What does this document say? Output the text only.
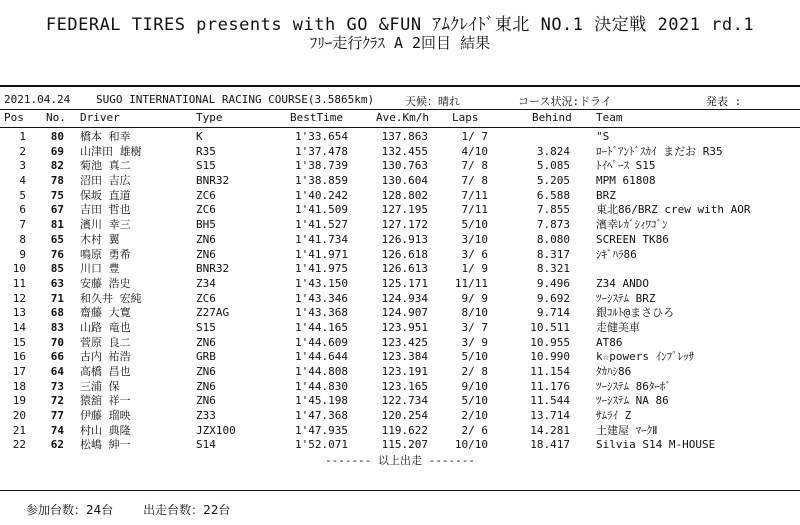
FEDERAL TIRES presents with GO &FUN ｱﾑｸﾚｲﾄﾞ東北 NO.1 決定戦 2021 rd.1
ﾌﾘｰ走行ｸﾗｽ A 2回目 結果
2021.04.24 SUGO INTERNATIONAL RACING COURSE(3.5865km)	天候：晴れ	コース状況:ドライ	発表 :
Pos No. Driver	Type	BestTime	Ave.Km/h Laps	Behind Team
1	80 橋本 和幸	K	1'33.654	137.863	1/ 7	"S
2	69 山津田 雄樹	R35	1'37.478	132.455	4/10	3.824 ﾛｰﾄﾞｱﾝﾄﾞｽｶｲ まだお R35
3	82 菊池 真二	S15	1'38.739	130.763	7/ 8	5.085 ﾄｲﾍﾟｰｽ S15
4	78 沼田 吉広	BNR32	1'38.859	130.604	7/ 8	5.205 MPM 61808
5	75 保坂 直道	ZC6	1'40.242	128.802	7/11	6.588 BRZ
6	67 吉田 哲也	ZC6	1'41.509	127.195	7/11	7.855 東北86/BRZ crew with AOR
7	81 濱川 幸三	BH5	1'41.527	127.172	5/10	7.873 濱幸ﾚｶﾞｼｨﾜｺﾞﾝ
8	65 木村 翼	ZN6	1'41.734	126.913	3/10	8.080 SCREEN TK86
9	76 鳴原 勇希	ZN6	1'41.971	126.618	3/ 6	8.317 ｼｷﾞﾊﾗ86
10	85 川口 豊	BNR32	1'41.975	126.613	1/ 9	8.321
11	63 安藤 浩史	Z34	1'43.150	125.171	11/11	9.496 Z34 ANDO
12	71 和久井 宏純	ZC6	1'43.346	124.934	9/ 9	9.692 ﾂｰｼｽﾃﾑ BRZ
13	68 齋藤 大寛	Z27AG	1'43.368	124.907	8/10	9.714 銀ｺﾙﾄ@まさひろ
14	83 山路 竜也	S15	1'44.165	123.951	3/ 7	10.511 走健美車
15	70 菅原 良二	ZN6	1'44.609	123.425	3/ 9	10.955 AT86
16	66 古内 祐浩	GRB	1'44.644	123.384	5/10	10.990 k☆powers ｲﾝﾌﾟﾚｯｻ
17	64 高橋 昌也	ZN6	1'44.808	123.191	2/ 8	11.154 ﾀｶﾊｼ86
18	73 三浦 保	ZN6	1'44.830	123.165	9/10	11.176 ﾂｰｼｽﾃﾑ 86ﾀｰﾎﾞ
19	72 猿舘 祥一	ZN6	1'45.198	122.734	5/10	11.544 ﾂｰｼｽﾃﾑ NA 86
20	77 伊藤 瑠映	Z33	1'47.368	120.254	2/10	13.714 ｻﾑﾗｲ Z
21	74 村山 典隆	JZX100	1'47.935	119.622	2/ 6	14.281 土建屋 ﾏｰｸⅡ
22	62 松嶋 紳一	S14	1'52.071	115.207	10/10	18.417 Silvia S14 M-HOUSE
------- 以上出走 -------
参加台数：24台 出走台数：22台
